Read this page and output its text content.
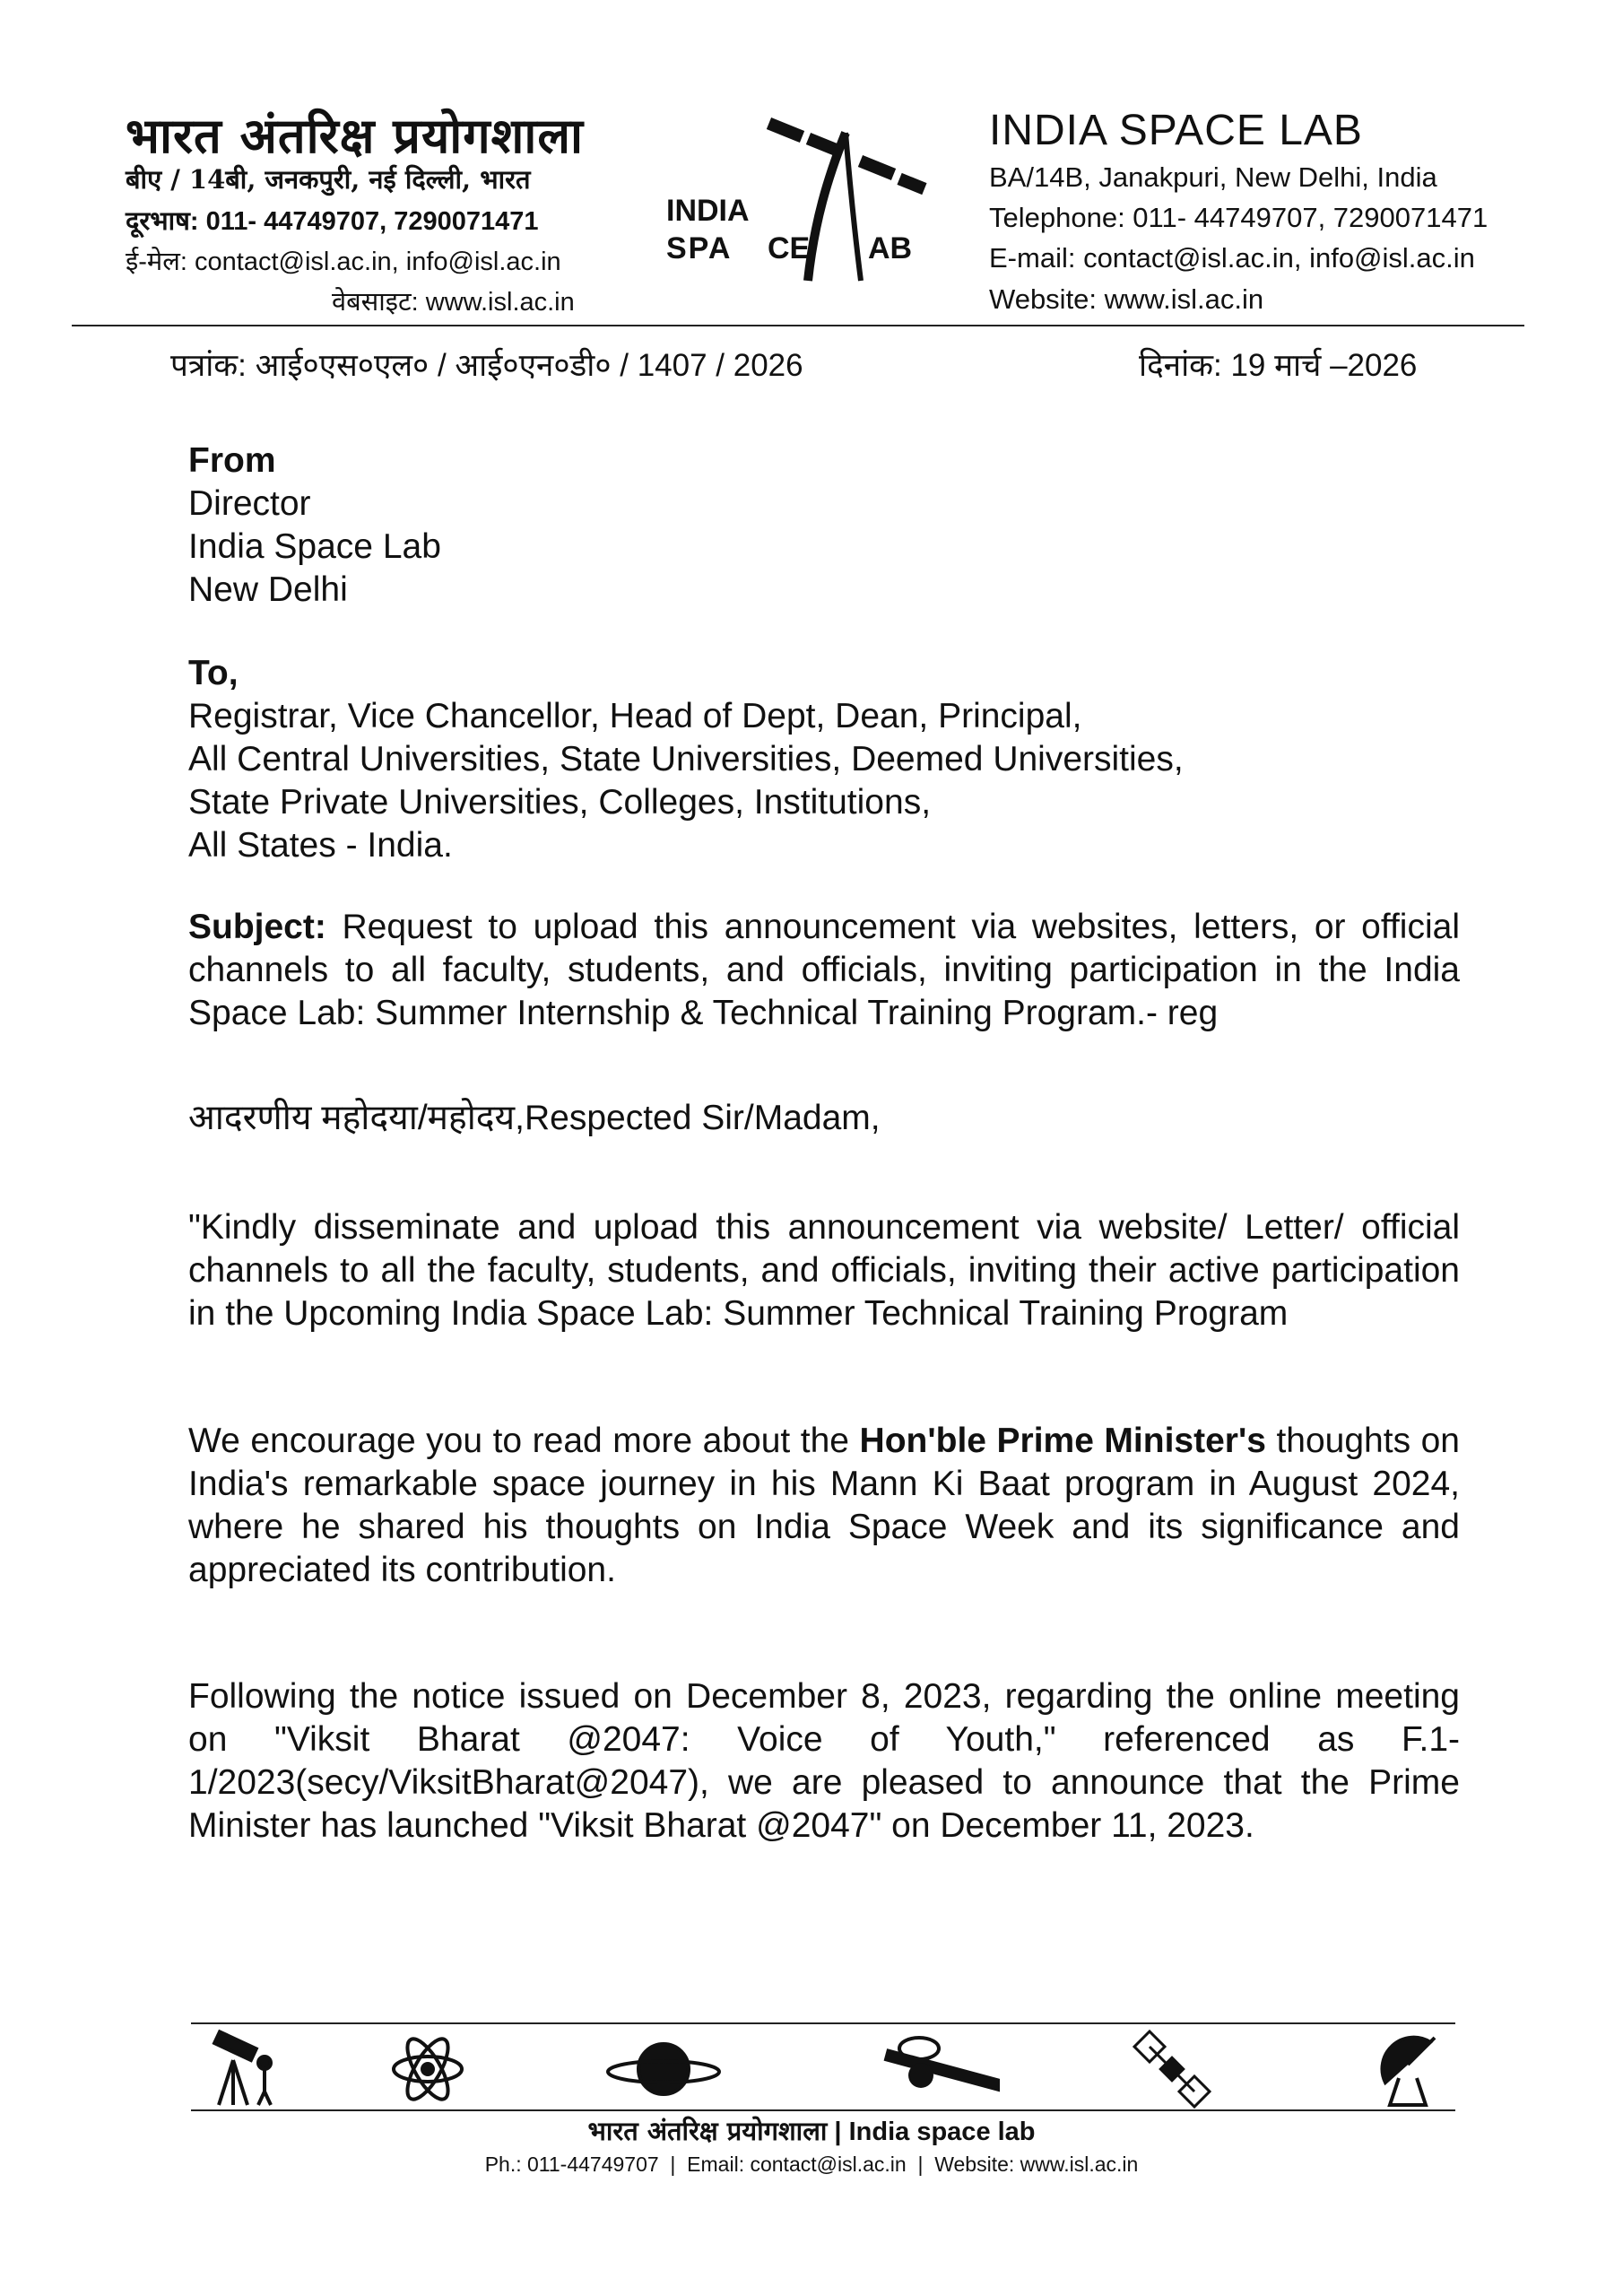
भारत अंतरिक्ष प्रयोगशाला
बीए / 14बी, जनकपुरी, नई दिल्ली, भारत
दूरभाष: 011- 44749707, 7290071471
ई-मेल: contact@isl.ac.in, info@isl.ac.in
वेबसाइट: www.isl.ac.in
INDIA
SPA CE AB
INDIA SPACE LAB
BA/14B, Janakpuri, New Delhi, India
Telephone: 011- 44749707, 7290071471
E-mail: contact@isl.ac.in, info@isl.ac.in
Website: www.isl.ac.in
पत्रांक: आई०एस०एल० / आई०एन०डी० / 1407 / 2026	दिनांक: 19 मार्च –2026
From
Director
India Space Lab
New Delhi
To,
Registrar, Vice Chancellor, Head of Dept, Dean, Principal,
All Central Universities, State Universities, Deemed Universities,
State Private Universities, Colleges, Institutions,
All States - India.
Subject: Request to upload this announcement via websites, letters, or official channels to all faculty, students, and officials, inviting participation in the India Space Lab: Summer Internship & Technical Training Program.- reg
आदरणीय महोदया/महोदय,Respected Sir/Madam,
"Kindly disseminate and upload this announcement via website/ Letter/ official channels to all the faculty, students, and officials, inviting their active participation in the Upcoming India Space Lab: Summer Technical Training Program
We encourage you to read more about the Hon'ble Prime Minister's thoughts on India's remarkable space journey in his Mann Ki Baat program in August 2024, where he shared his thoughts on India Space Week and its significance and appreciated its contribution.
Following the notice issued on December 8, 2023, regarding the online meeting on "Viksit Bharat @2047: Voice of Youth," referenced as F.1-1/2023(secy/ViksitBharat@2047), we are pleased to announce that the Prime Minister has launched "Viksit Bharat @2047" on December 11, 2023.
भारत अंतरिक्ष प्रयोगशाला | India space lab
Ph.: 011-44749707  |  Email: contact@isl.ac.in  |  Website: www.isl.ac.in
